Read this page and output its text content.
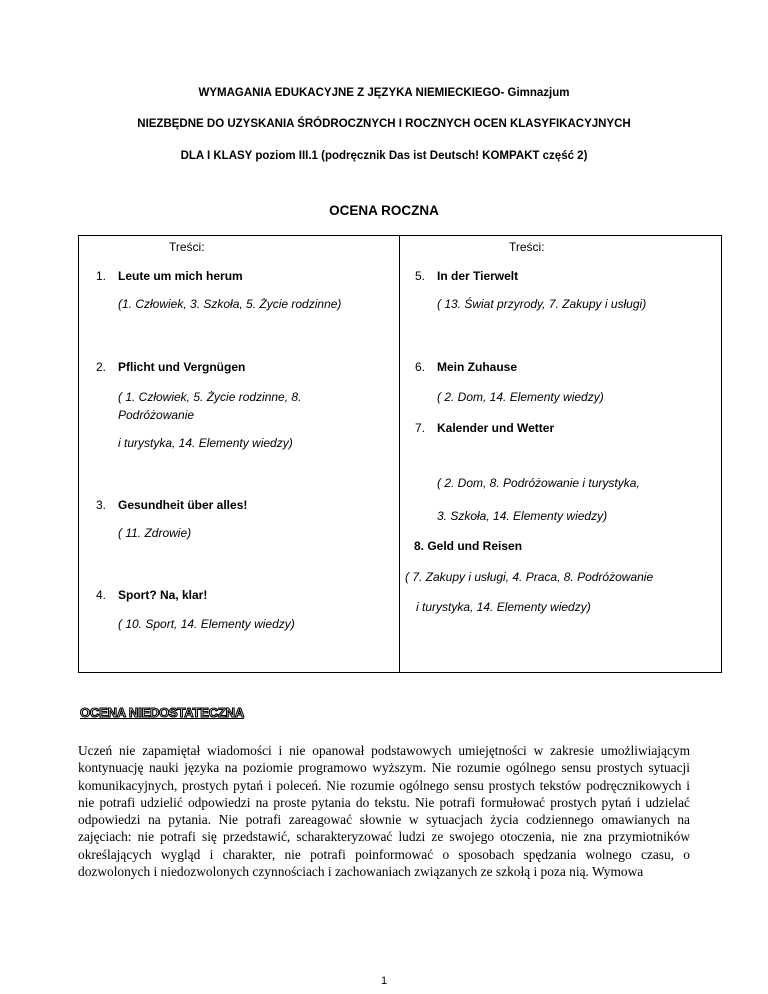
WYMAGANIA EDUKACYJNE Z JĘZYKA NIEMIECKIEGO- Gimnazjum
NIEZBĘDNE DO UZYSKANIA ŚRÓDROCZNYCH I ROCZNYCH OCEN KLASYFIKACYJNYCH
DLA I KLASY poziom III.1 (podręcznik Das ist Deutsch! KOMPAKT część 2)
OCENA ROCZNA
Treści:
1. Leute um mich herum
(1. Człowiek, 3. Szkoła, 5. Życie rodzinne)
2. Pflicht und Vergnügen
( 1. Człowiek, 5. Życie rodzinne, 8.
Podróżowanie
i turystyka, 14. Elementy wiedzy)
3. Gesundheit über alles!
( 11. Zdrowie)
4. Sport? Na, klar!
( 10. Sport, 14. Elementy wiedzy)
Treści:
5. In der Tierwelt
( 13. Świat przyrody, 7. Zakupy i usługi)
6. Mein Zuhause
( 2. Dom, 14. Elementy wiedzy)
7. Kalender und Wetter
( 2. Dom, 8. Podróżowanie i turystyka,
3. Szkoła, 14. Elementy wiedzy)
8. Geld und Reisen
( 7. Zakupy i usługi, 4. Praca, 8. Podróżowanie
i turystyka, 14. Elementy wiedzy)
OCENA NIEDOSTATECZNA
Uczeń nie zapamiętał wiadomości i nie opanował podstawowych umiejętności w zakresie umożliwiającym kontynuację nauki języka na poziomie programowo wyższym. Nie rozumie ogólnego sensu prostych sytuacji komunikacyjnych, prostych pytań i poleceń. Nie rozumie ogólnego sensu prostych tekstów podręcznikowych i nie potrafi udzielić odpowiedzi na proste pytania do tekstu. Nie potrafi formułować prostych pytań i udzielać odpowiedzi na pytania. Nie potrafi zareagować słownie w sytuacjach życia codziennego omawianych na zajęciach: nie potrafi się przedstawić, scharakteryzować ludzi ze swojego otoczenia, nie zna przymiotników określających wygląd i charakter, nie potrafi poinformować o sposobach spędzania wolnego czasu, o dozwolonych i niedozwolonych czynnościach i zachowaniach związanych ze szkołą i poza nią. Wymowa
1
